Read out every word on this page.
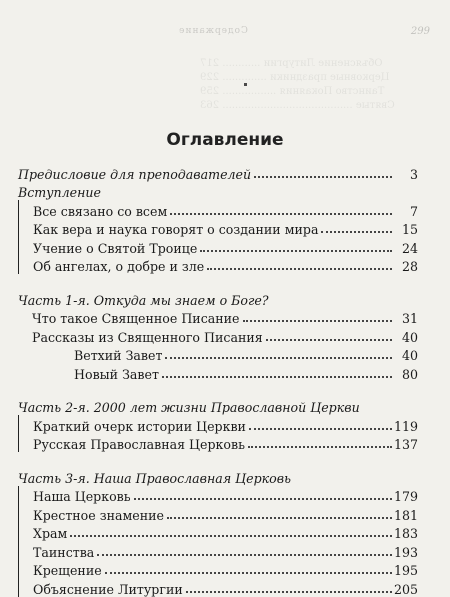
Содержание	299
Объяснение Литургии ............ 217
Церковные праздники .............. 229
Таинство Покаяния ................. 259
Святые ......................................... 263
Оглавление
Предисловие для преподавателей	3
Вступление
Все связано со всем	7
Как вера и наука говорят о создании мира	15
Учение о Святой Троице	24
Об ангелах, о добре и зле	28
Часть 1-я. Откуда мы знаем о Боге?
Что такое Священное Писание	31
Рассказы из Священного Писания	40
Ветхий Завет	40
Новый Завет	80
Часть 2-я. 2000 лет жизни Православной Церкви
Краткий очерк истории Церкви	119
Русская Православная Церковь	137
Часть 3-я. Наша Православная Церковь
Наша Церковь	179
Крестное знамение	181
Храм	183
Таинства	193
Крещение	195
Объяснение Литургии	205
